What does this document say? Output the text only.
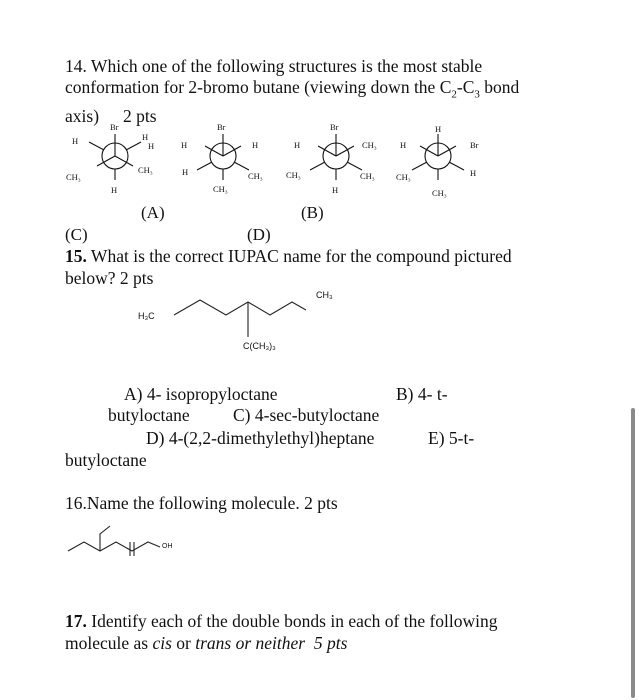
14. Which one of the following structures is the most stable
conformation for 2-bromo butane (viewing down the $C_2-C_3$ bond
axis) 2 pts
Br
H	H
H
CH₃
CH₃
H
Br
H	H
H	CH₃
CH₃
Br
H	CH₃
CH₃	CH₃
H
H
H	Br
CH₃	H
CH₃
(A)	(B)
(C)	(D)
15. What is the correct IUPAC name for the compound pictured
below? 2 pts
H₃C
CH₃
C(CH₃)₃
A) 4- isopropyloctane	B) 4- t-
butyloctane C) 4-sec-butyloctane
D) 4-(2,2-dimethylethyl)heptane	E) 5-t-
butyloctane
16.Name the following molecule. 2 pts
OH
17. Identify each of the double bonds in each of the following
molecule as cis or trans or neither 5 pts
